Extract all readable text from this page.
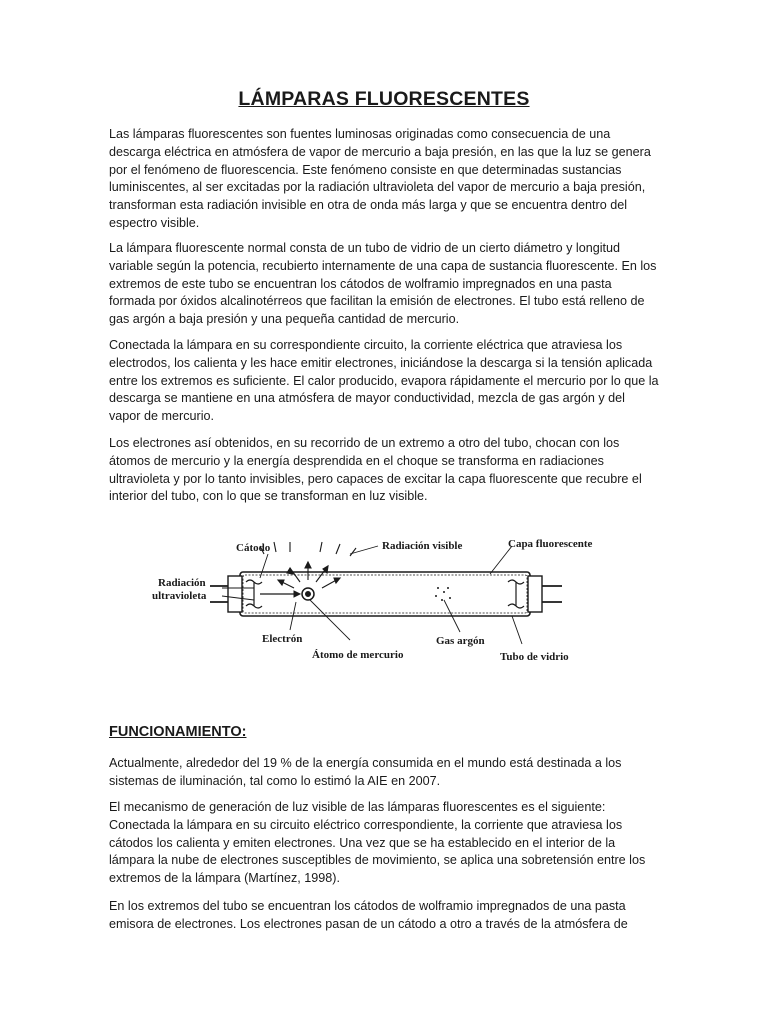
LÁMPARAS FLUORESCENTES

Las lámparas fluorescentes son fuentes luminosas originadas como consecuencia de una descarga eléctrica en atmósfera de vapor de mercurio a baja presión, en las que la luz se genera por el fenómeno de fluorescencia. Este fenómeno consiste en que determinadas sustancias luminiscentes, al ser excitadas por la radiación ultravioleta del vapor de mercurio a baja presión, transforman esta radiación invisible en otra de onda más larga y que se encuentra dentro del espectro visible.

La lámpara fluorescente normal consta de un tubo de vidrio de un cierto diámetro y longitud variable según la potencia, recubierto internamente de una capa de sustancia fluorescente. En los extremos de este tubo se encuentran los cátodos de wolframio impregnados en una pasta formada por óxidos alcalinotérreos que facilitan la emisión de electrones. El tubo está relleno de gas argón a baja presión y una pequeña cantidad de mercurio.

Conectada la lámpara en su correspondiente circuito, la corriente eléctrica que atraviesa los electrodos, los calienta y les hace emitir electrones, iniciándose la descarga si la tensión aplicada entre los extremos es suficiente. El calor producido, evapora rápidamente el mercurio por lo que la descarga se mantiene en una atmósfera de mayor conductividad, mezcla de gas argón y del vapor de mercurio.

Los electrones así obtenidos, en su recorrido de un extremo a otro del tubo, chocan con los átomos de mercurio y la energía desprendida en el choque se transforma en radiaciones ultravioleta y por lo tanto invisibles, pero capaces de excitar la capa fluorescente que recubre el interior del tubo, con lo que se transforman en luz visible.

Cátodo	Radiación visible	Capa fluorescente
Radiación
ultravioleta
Electrón
Átomo de mercurio
Gas argón
Tubo de vidrio
FUNCIONAMIENTO:

Actualmente, alrededor del 19 % de la energía consumida en el mundo está destinada a los sistemas de iluminación, tal como lo estimó la AIE en 2007.

El mecanismo de generación de luz visible de las lámparas fluorescentes es el siguiente: Conectada la lámpara en su circuito eléctrico correspondiente, la corriente que atraviesa los cátodos los calienta y emiten electrones. Una vez que se ha establecido en el interior de la lámpara la nube de electrones susceptibles de movimiento, se aplica una sobretensión entre los extremos de la lámpara (Martínez, 1998).

En los extremos del tubo se encuentran los cátodos de wolframio impregnados de una pasta emisora de electrones. Los electrones pasan de un cátodo a otro a través de la atmósfera de
